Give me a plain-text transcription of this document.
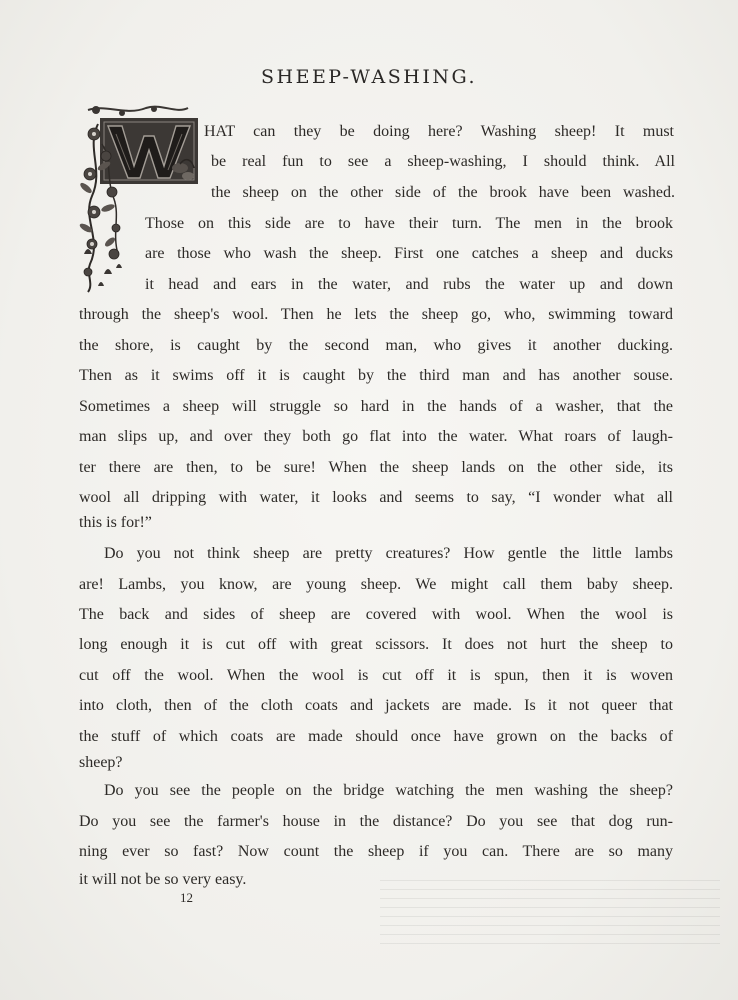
SHEEP-WASHING.
HAT can they be doing here? Washing sheep! It must
be real fun to see a sheep-washing, I should think. All
the sheep on the other side of the brook have been washed.
Those on this side are to have their turn. The men in the brook
are those who wash the sheep. First one catches a sheep and ducks
it head and ears in the water, and rubs the water up and down
through the sheep's wool. Then he lets the sheep go, who, swimming toward
the shore, is caught by the second man, who gives it another ducking.
Then as it swims off it is caught by the third man and has another souse.
Sometimes a sheep will struggle so hard in the hands of a washer, that the
man slips up, and over they both go flat into the water. What roars of laugh-
ter there are then, to be sure! When the sheep lands on the other side, its
wool all dripping with water, it looks and seems to say, “I wonder what all
this is for!”
Do you not think sheep are pretty creatures? How gentle the little lambs
are! Lambs, you know, are young sheep. We might call them baby sheep.
The back and sides of sheep are covered with wool. When the wool is
long enough it is cut off with great scissors. It does not hurt the sheep to
cut off the wool. When the wool is cut off it is spun, then it is woven
into cloth, then of the cloth coats and jackets are made. Is it not queer that
the stuff of which coats are made should once have grown on the backs of
sheep?
Do you see the people on the bridge watching the men washing the sheep?
Do you see the farmer's house in the distance? Do you see that dog run-
ning ever so fast? Now count the sheep if you can. There are so many
it will not be so very easy.
12
